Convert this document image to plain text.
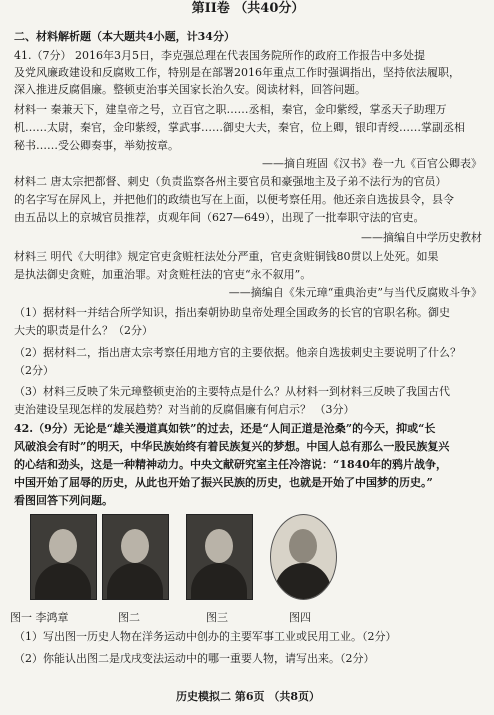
第II卷 （共40分）
二、材料解析题（本大题共4小题，计34分）
41.（7分） 2016年3月5日，李克强总理在代表国务院所作的政府工作报告中多处提
及党风廉政建设和反腐败工作，特别是在部署2016年重点工作时强调指出，坚持依法履职，
深入推进反腐倡廉。整顿吏治事关国家长治久安。阅读材料，回答问题。
材料一 秦兼天下，建皇帝之号，立百官之职……丞相，秦官，金印紫绶，掌丞天子助理万
机……太尉，秦官，金印紫绶，掌武事……御史大夫，秦官，位上卿，银印青绶……掌副丞相
秘书……受公卿奏事，举劾按章。
——摘自班固《汉书》卷一九《百官公卿表》
材料二 唐太宗把都督、刺史（负责监察各州主要官员和豪强地主及子弟不法行为的官员）
的名字写在屏风上，并把他们的政绩也写在上面，以便考察任用。他还亲自选拔县令，县令
由五品以上的京城官员推荐，贞观年间（627—649），出现了一批奉职守法的官吏。
——摘编自中学历史教材
材料三 明代《大明律》规定官吏贪赃枉法处分严重，官吏贪赃铜钱80贯以上处死。如果
是执法御史贪赃，加重治罪。对贪赃枉法的官吏“永不叙用”。
——摘编自《朱元璋“重典治吏”与当代反腐败斗争》
（1）据材料一并结合所学知识，指出秦朝协助皇帝处理全国政务的长官的官职名称。御史
大夫的职责是什么？（2分）
（2）据材料二，指出唐太宗考察任用地方官的主要依据。他亲自选拔刺史主要说明了什么？
（2分）
（3）材料三反映了朱元璋整顿吏治的主要特点是什么？从材料一到材料三反映了我国古代
吏治建设呈现怎样的发展趋势？对当前的反腐倡廉有何启示？ （3分）
42.（9分）无论是“雄关漫道真如铁”的过去，还是“人间正道是沧桑”的今天，抑或“长
风破浪会有时”的明天，中华民族始终有着民族复兴的梦想。中国人总有那么一股民族复兴
的心结和劲头，这是一种精神动力。中央文献研究室主任冷溶说：“1840年的鸦片战争，
中国开始了屈辱的历史，从此也开始了振兴民族的历史，也就是开始了中国梦的历史。”
看图回答下列问题。
图一 李鸿章	图二	图三	图四
（1）写出图一历史人物在洋务运动中创办的主要军事工业或民用工业。（2分）
（2）你能认出图二是戊戌变法运动中的哪一重要人物，请写出来。（2分）
历史模拟二 第6页 （共8页）
